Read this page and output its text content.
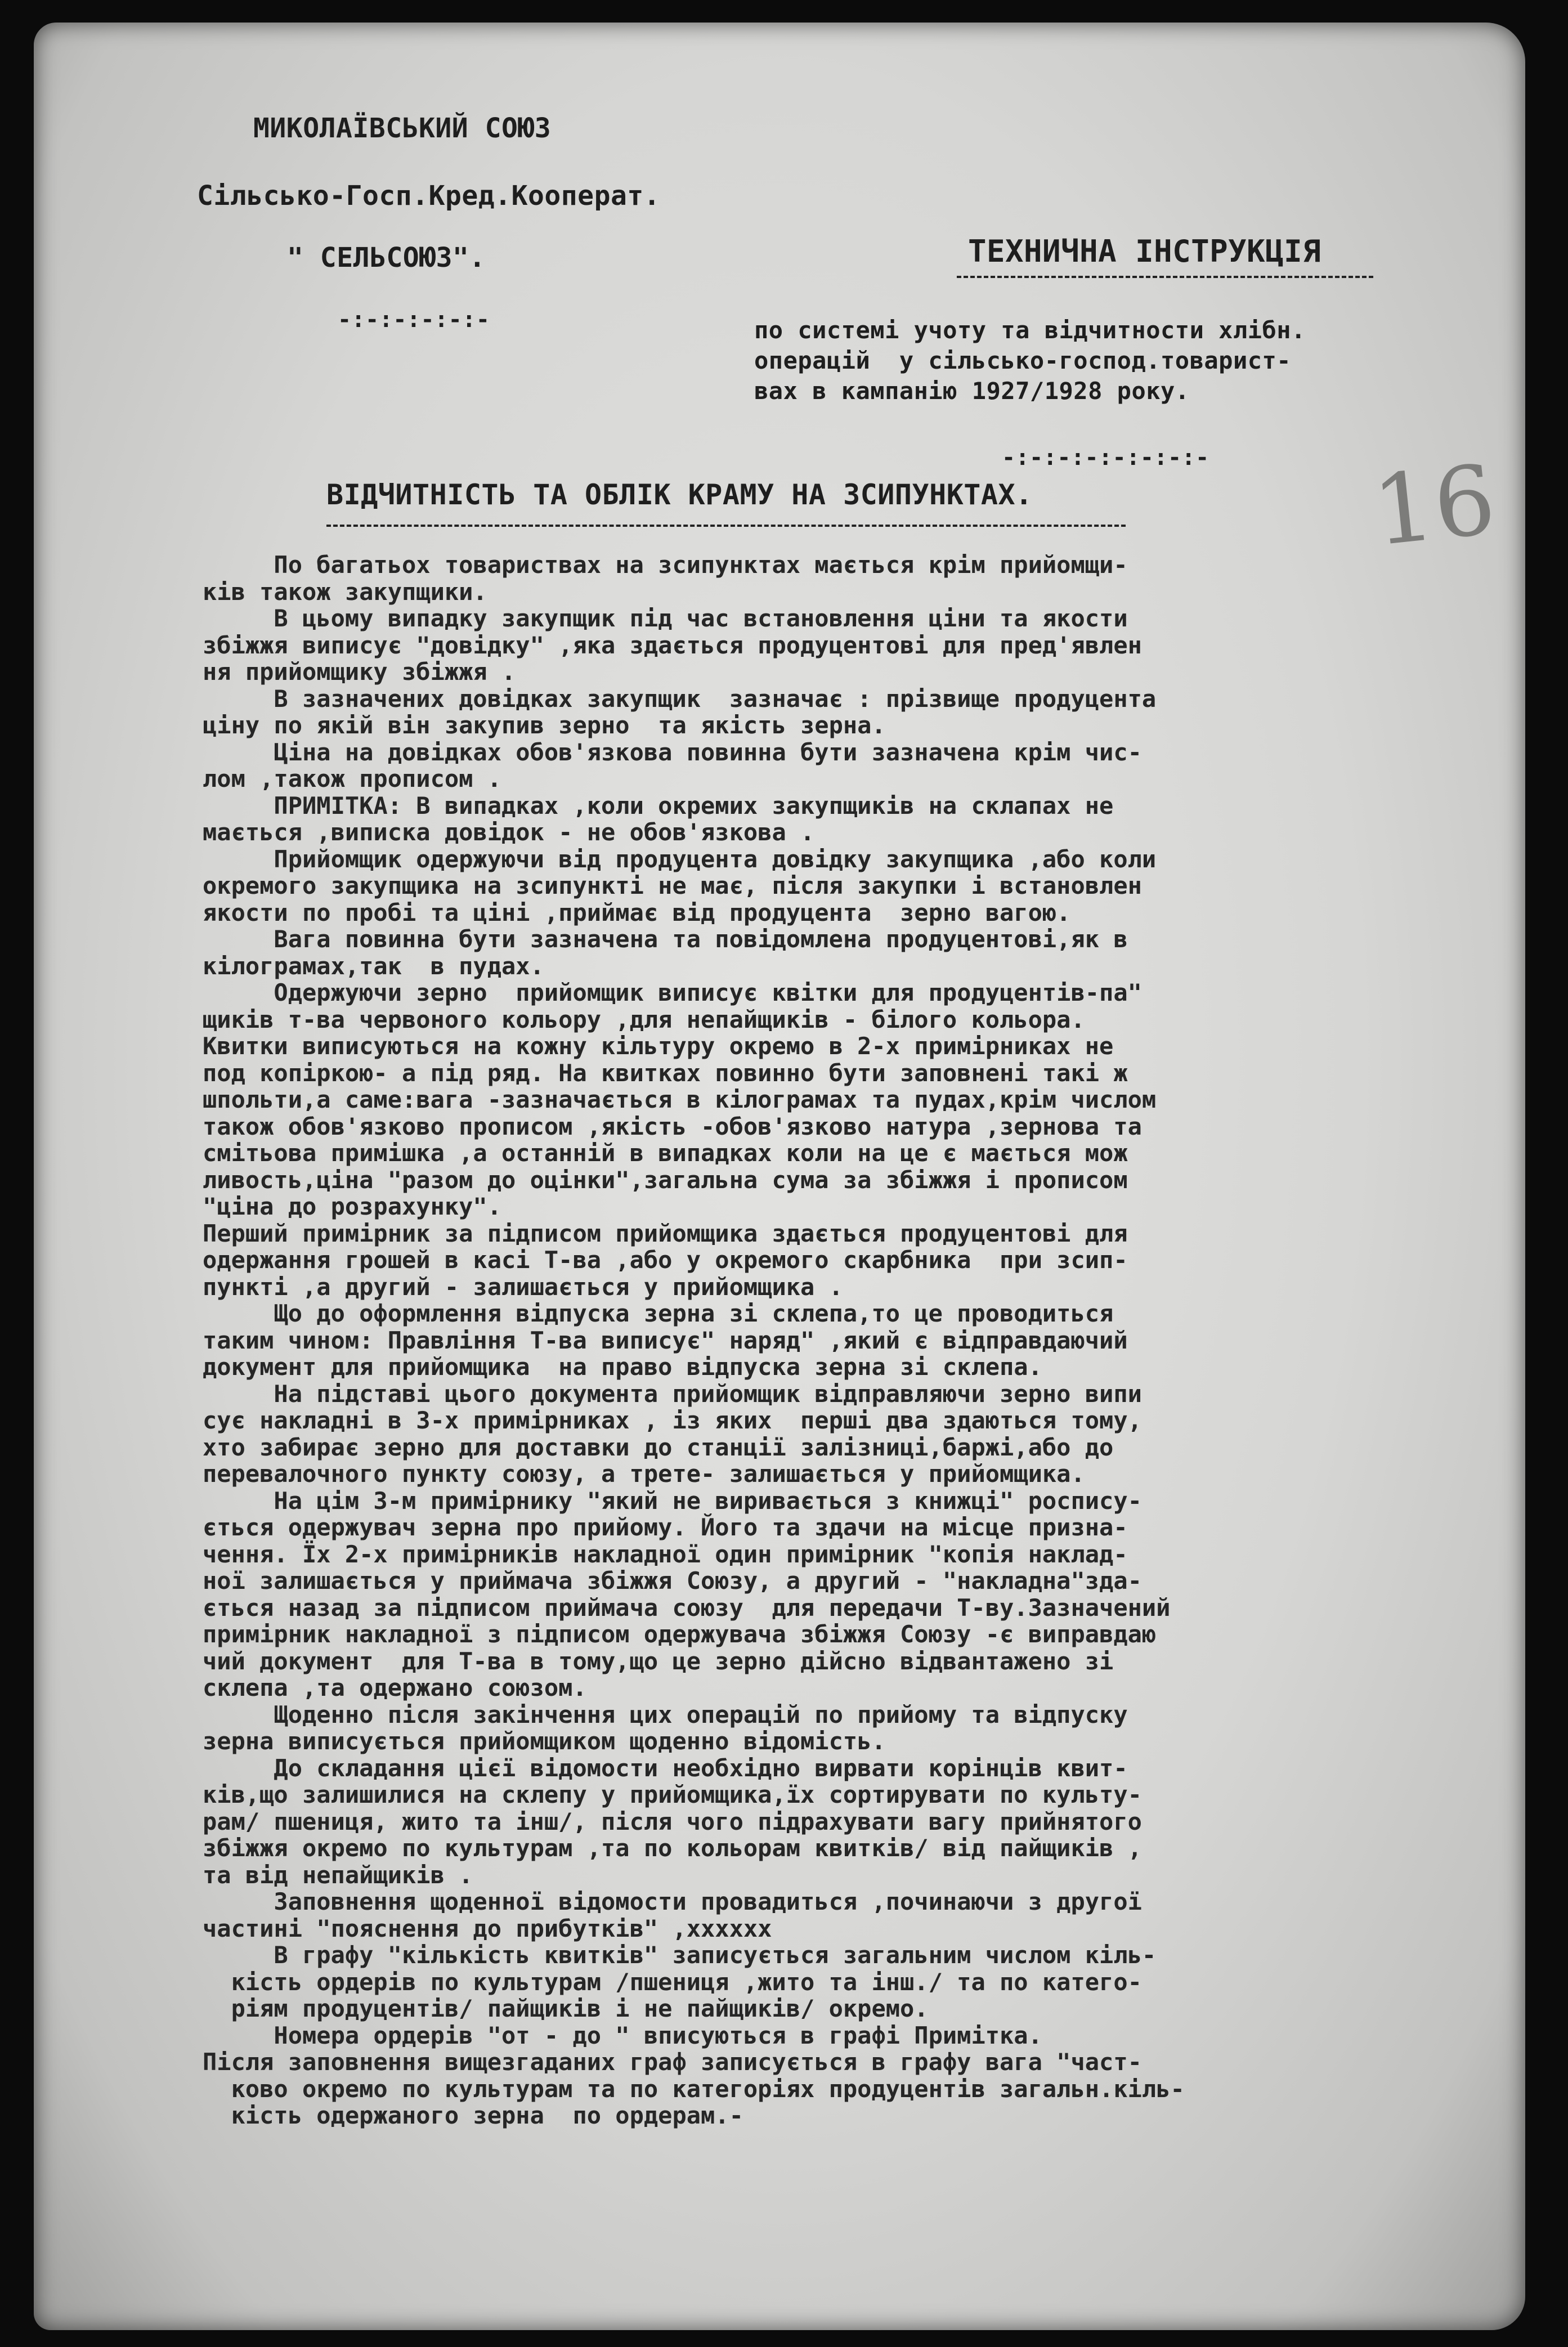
МИКОЛАЇВСЬКИЙ СОЮЗ
Сільсько-Госп.Кред.Кооперат.
" СЕЛЬСОЮЗ".
-:-:-:-:-:-
ТЕХНИЧНА ІНСТРУКЦІЯ
по системі учоту та відчитности хлібн.
операцій  у сільсько-господ.товарист-
вах в кампанію 1927/1928 року.
-:-:-:-:-:-:-:- 16
ВІДЧИТНІСТЬ ТА ОБЛІК КРАМУ НА ЗСИПУНКТАХ.
По багатьох товариствах на зсипунктах мається крім прийомщи-
ків також закупщики.
В цьому випадку закупщик під час встановлення ціни та якости
збіжжя виписує "довідку" ,яка здається продуцентові для пред'явлен
ня прийомщику збіжжя .
В зазначених довідках закупщик  зазначає : прізвище продуцента
ціну по якій він закупив зерно  та якість зерна.
Ціна на довідках обов'язкова повинна бути зазначена крім чис-
лом ,також прописом .
ПРИМІТКА: В випадках ,коли окремих закупщиків на склапах не
мається ,виписка довідок - не обов'язкова .
Прийомщик одержуючи від продуцента довідку закупщика ,або коли
окремого закупщика на зсипункті не має, після закупки і встановлен
якости по пробі та ціні ,приймає від продуцента  зерно вагою.
Вага повинна бути зазначена та повідомлена продуцентові,як в
кілограмах,так  в пудах.
Одержуючи зерно  прийомщик виписує квітки для продуцентів-па"
щиків т-ва червоного кольору ,для непайщиків - білого кольора.
Квитки виписуються на кожну кільтуру окремо в 2-х примірниках не
под копіркою- а під ряд. На квитках повинно бути заповнені такі ж
шпольти,а саме:вага -зазначається в кілограмах та пудах,крім числом
також обов'язково прописом ,якість -обов'язково натура ,зернова та
смітьова примішка ,а останній в випадках коли на це є мається мож
ливость,ціна "разом до оцінки",загальна сума за збіжжя і прописом
"ціна до розрахунку".
Перший примірник за підписом прийомщика здається продуцентові для
одержання грошей в касі Т-ва ,або у окремого скарбника  при зсип-
пункті ,а другий - залишається у прийомщика .
Що до оформлення відпуска зерна зі склепа,то це проводиться
таким чином: Правління Т-ва виписує" наряд" ,який є відправдаючий
документ для прийомщика  на право відпуска зерна зі склепа.
На підставі цього документа прийомщик відправляючи зерно випи
сує накладні в 3-х примірниках , із яких  перші два здаються тому,
хто забирає зерно для доставки до станції залізниці,баржі,або до
перевалочного пункту союзу, а трете- залишається у прийомщика.
На цім 3-м примірнику "який не виривається з книжці" роспису-
ється одержувач зерна про прийому. Його та здачи на місце призна-
чення. Їх 2-х примірників накладної один примірник "копія наклад-
ної залишається у приймача збіжжя Союзу, а другий - "накладна"зда-
ється назад за підписом приймача союзу  для передачи Т-ву.Зазначений
примірник накладної з підписом одержувача збіжжя Союзу -є виправдаю
чий документ  для Т-ва в тому,що це зерно дійсно відвантажено зі
склепа ,та одержано союзом.
Щоденно після закінчення цих операцій по прийому та відпуску
зерна виписується прийомщиком щоденно відомість.
До складання цієї відомости необхідно вирвати корінців квит-
ків,що залишилися на склепу у прийомщика,їх сортирувати по культу-
рам/ пшениця, жито та інш/, після чого підрахувати вагу прийнятого
збіжжя окремо по культурам ,та по кольорам квитків/ від пайщиків ,
та від непайщиків .
Заповнення щоденної відомости провадиться ,починаючи з другої
частині "пояснення до прибутків" ,хххххх
В графу "кількість квитків" записується загальним числом кіль-
кість ордерів по культурам /пшениця ,жито та інш./ та по катего-
ріям продуцентів/ пайщиків і не пайщиків/ окремо.
Номера ордерів "от - до " вписуються в графі Примітка.
Після заповнення вищезгаданих граф записується в графу вага "част-
ково окремо по культурам та по категоріях продуцентів загальн.кіль-
кість одержаного зерна  по ордерам.-
